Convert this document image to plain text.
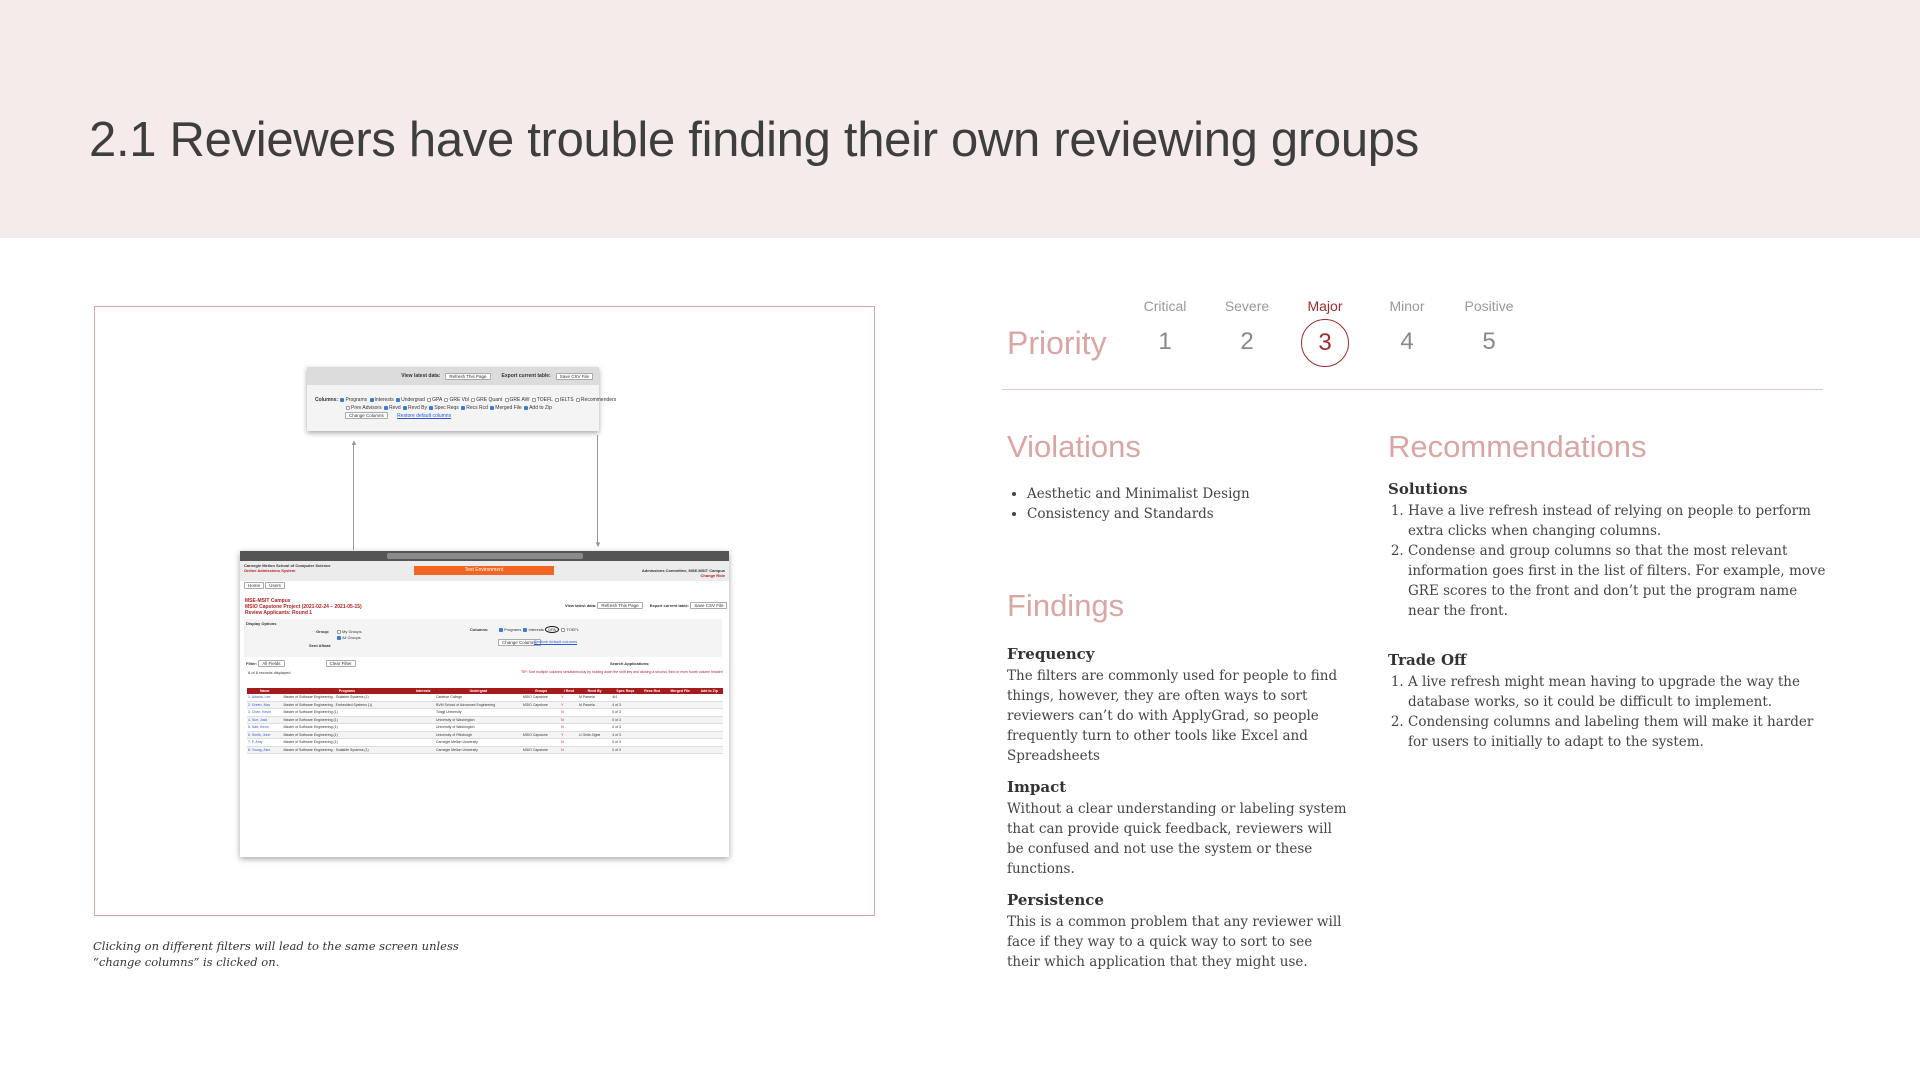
2.1 Reviewers have trouble finding their own reviewing groups
View latest data:	Refresh This Page	Export current table:	Save CSV File
Columns: Programs Interests Undergrad GPA GRE Vbl GRE Quant GRE AW TOEFL IELTS Recommenders
Prev Advisors Revd Revd By Spec Reqs Recs Rcd Merged File Add to Zip
Change Columns	Restore default columns
▲
▼
Carnegie Mellon School of Computer Science
Online Admissions System	Test Environment	Admissions Committee, MSE-MSIT Campus
Change Role
Home Users
MSE-MSIT Campus
MSIO Capstone Project (2021-02-24 – 2021-05-15)
Review Applicants: Round 1
View latest data: Refresh This Page	Export current table: Save CSV File
Display Options
Group:	My Groups
All Groups
Sent Afloat:
Columns:	Programs Interests GPA	TOEFL
Change Columns
Restore default columns
Filter: All Fields	Clear Filter	Search Applications:
8 of 8 records displayed	TIP: Sort multiple columns simultaneously by holding down the shift key and clicking a second, third or even fourth column header!
Name	Programs	Interests	Undergrad	Groups	I Revd	Revd By	Spec Reqs	Recs Rcd	Merged File	Add to Zip
1. Adams, Lee	Master of Software Engineering - Scalable Systems (1)		Carleton College	MSIO Capstone	Y	M Pamela	4/4			
2. Green, Max	Master of Software Engineering - Embedded Systems (1)		BVM School of Advanced Engineering	MSIO Capstone	Y	M Pamela	4 of 3			
3. Chen, Kevin	Master of Software Engineering (1)		Tongji University		N		0 of 3			
4. Sue, Jack	Master of Software Engineering (1)		University of Washington		N		0 of 3			
5. Naif, Kevin	Master of Software Engineering (1)		University of Washington		N		0 of 3			
6. Smith, John	Master of Software Engineering (1)		University of Pittsburgh	MSIO Capstone	Y	U Onile-Ogbe	4 of 3			
7. F, Amy	Master of Software Engineering (1)		Carnegie Mellon University		N		0 of 3			
8. Young, Alex	Master of Software Engineering - Scalable Systems (1)		Carnegie Mellon University	MSIO Capstone	N		0 of 3			
Clicking on different filters will lead to the same screen unless “change columns” is clicked on.
Priority
Critical
1
Severe
2
Major
3
Minor
4
Positive
5
Violations
• Aesthetic and Minimalist Design
• Consistency and Standards
Findings
Frequency
The filters are commonly used for people to find things, however, they are often ways to sort reviewers can’t do with ApplyGrad, so people frequently turn to other tools like Excel and Spreadsheets
Impact
Without a clear understanding or labeling system that can provide quick feedback, reviewers will be confused and not use the system or these functions.
Persistence
This is a common problem that any reviewer will face if they way to a quick way to sort to see their which application that they might use.
Recommendations
Solutions
1. Have a live refresh instead of relying on people to perform extra clicks when changing columns.
2. Condense and group columns so that the most relevant information goes first in the list of filters. For example, move GRE scores to the front and don’t put the program name near the front.
Trade Off
1. A live refresh might mean having to upgrade the way the database works, so it could be difficult to implement.
2. Condensing columns and labeling them will make it harder for users to initially to adapt to the system.
